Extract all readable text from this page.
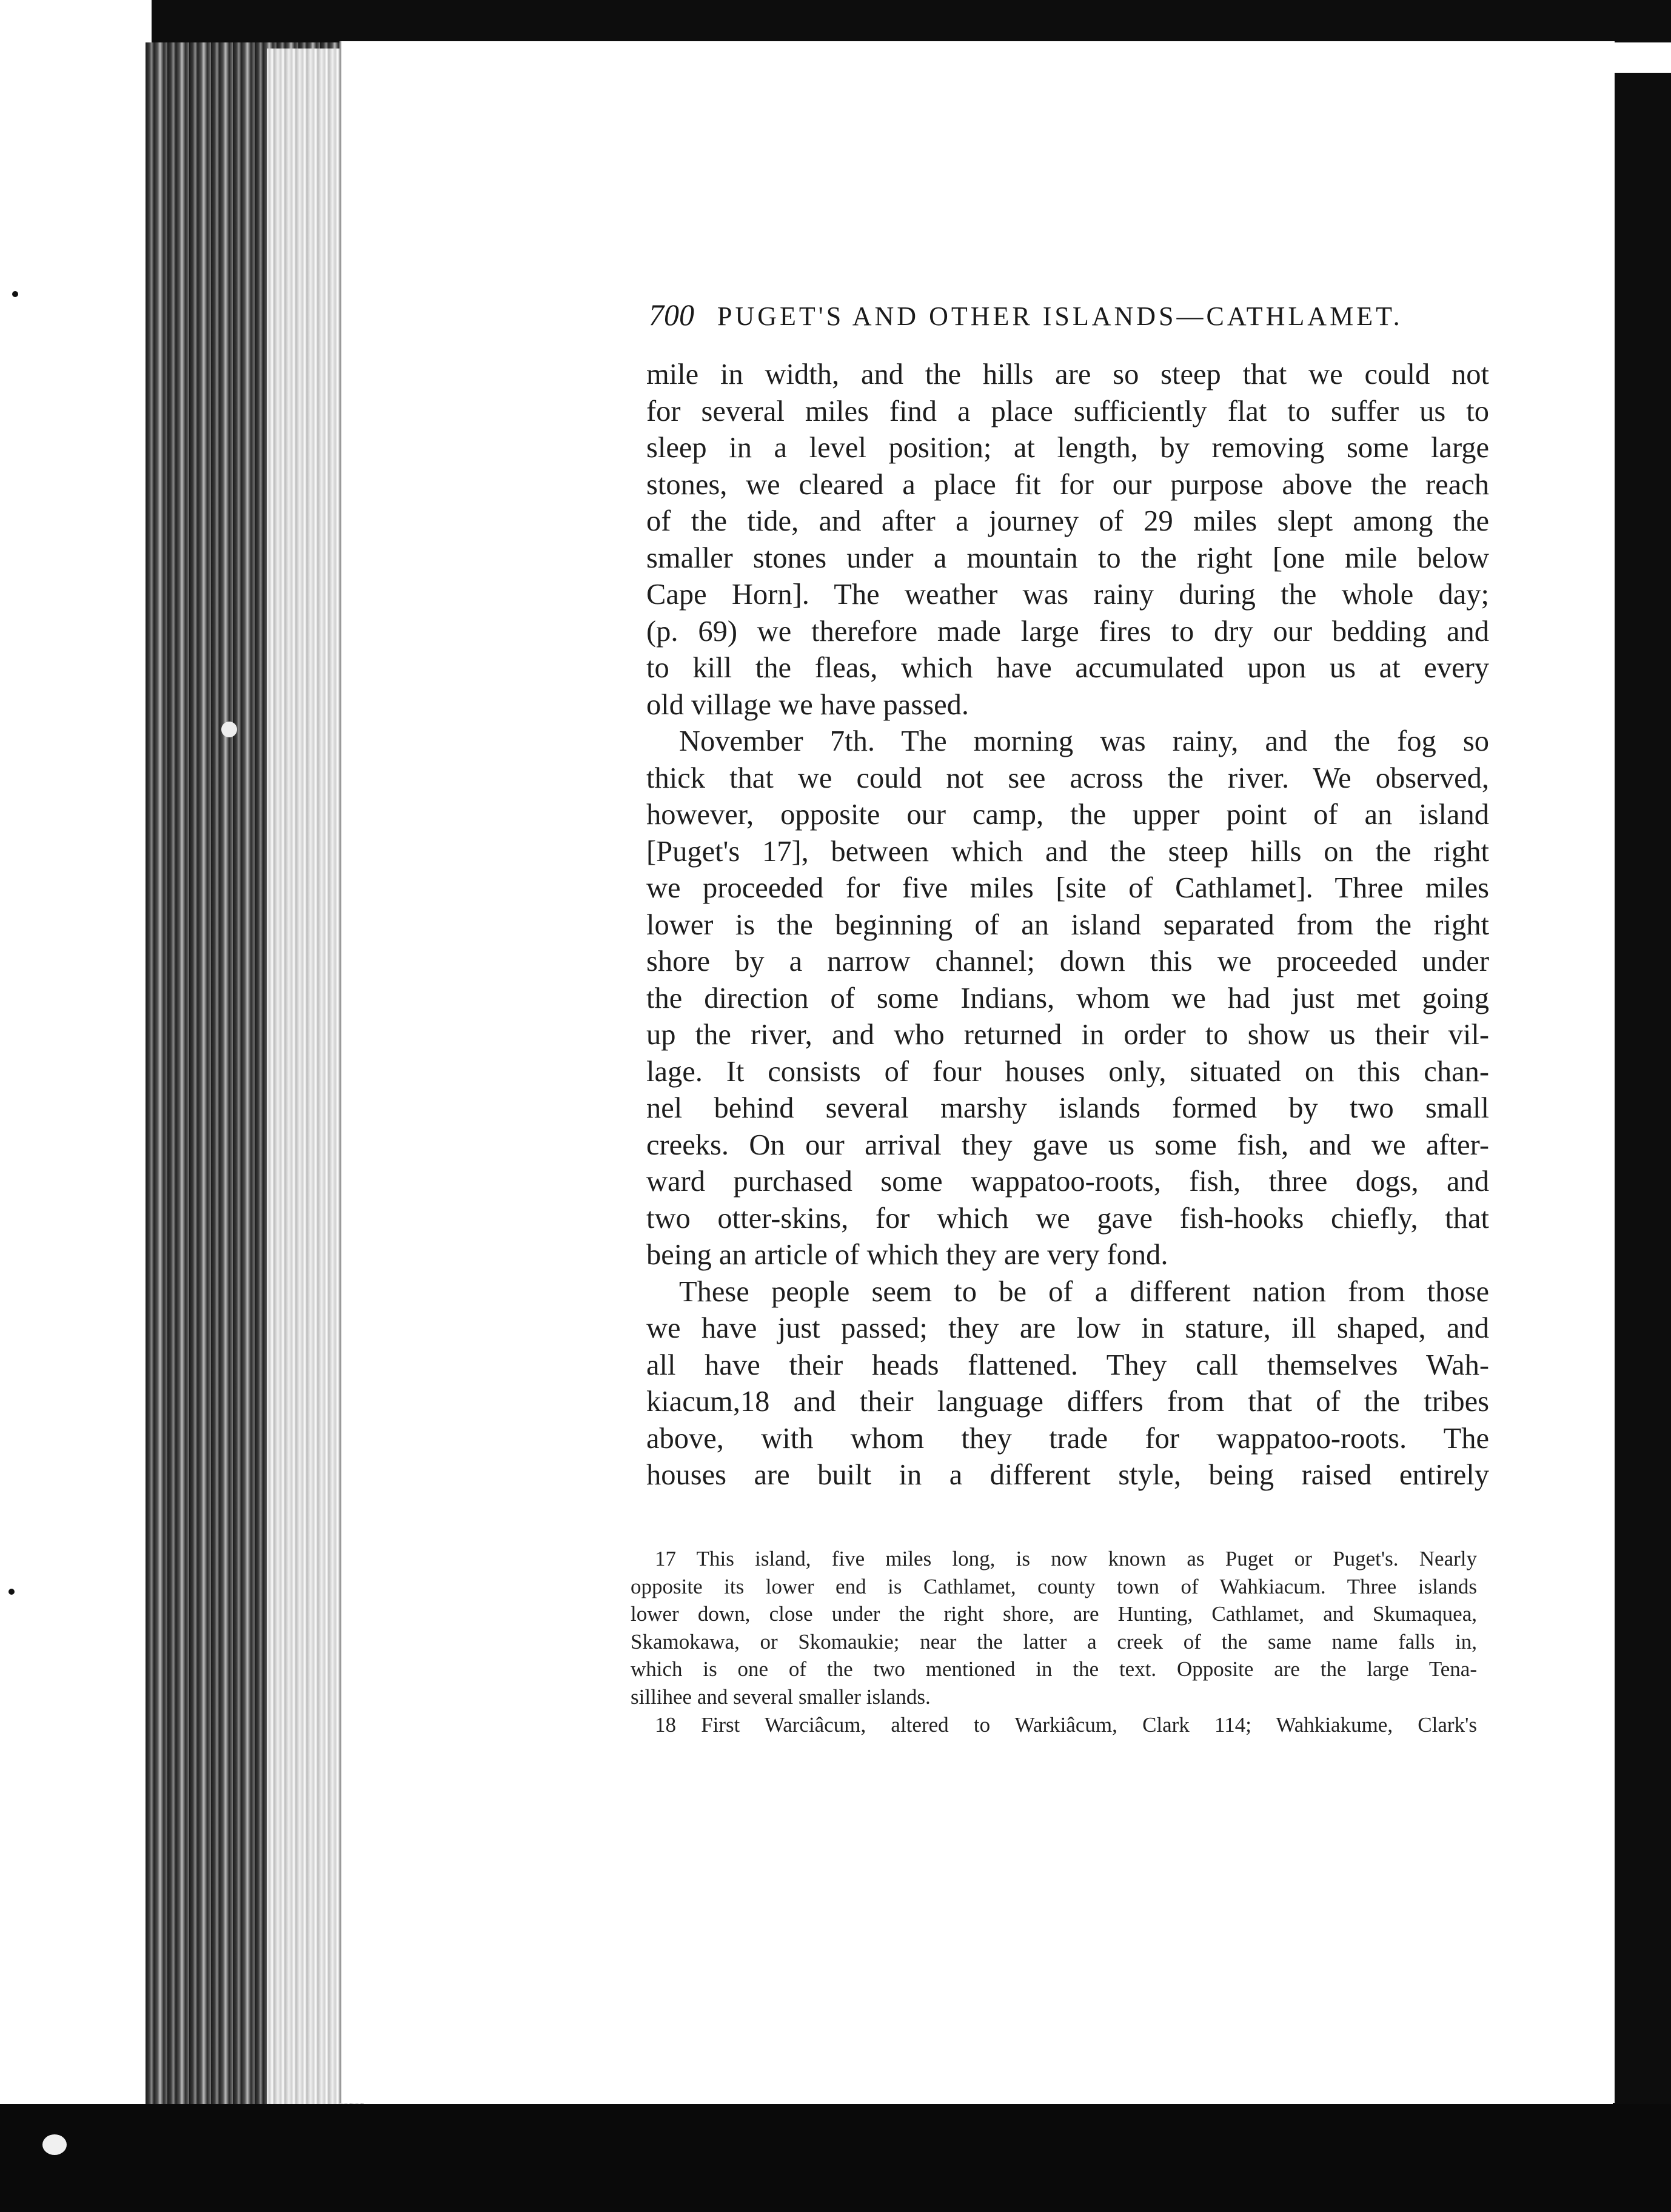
700 PUGET'S AND OTHER ISLANDS—CATHLAMET.
mile in width, and the hills are so steep that we could not
for several miles find a place sufficiently flat to suffer us to
sleep in a level position; at length, by removing some large
stones, we cleared a place fit for our purpose above the reach
of the tide, and after a journey of 29 miles slept among the
smaller stones under a mountain to the right [one mile below
Cape Horn]. The weather was rainy during the whole day;
(p. 69) we therefore made large fires to dry our bedding and
to kill the fleas, which have accumulated upon us at every
old village we have passed.
November 7th. The morning was rainy, and the fog so
thick that we could not see across the river. We observed,
however, opposite our camp, the upper point of an island
[Puget's 17], between which and the steep hills on the right
we proceeded for five miles [site of Cathlamet]. Three miles
lower is the beginning of an island separated from the right
shore by a narrow channel; down this we proceeded under
the direction of some Indians, whom we had just met going
up the river, and who returned in order to show us their vil-
lage. It consists of four houses only, situated on this chan-
nel behind several marshy islands formed by two small
creeks. On our arrival they gave us some fish, and we after-
ward purchased some wappatoo-roots, fish, three dogs, and
two otter-skins, for which we gave fish-hooks chiefly, that
being an article of which they are very fond.
These people seem to be of a different nation from those
we have just passed; they are low in stature, ill shaped, and
all have their heads flattened. They call themselves Wah-
kiacum,18 and their language differs from that of the tribes
above, with whom they trade for wappatoo-roots. The
houses are built in a different style, being raised entirely
17 This island, five miles long, is now known as Puget or Puget's. Nearly
opposite its lower end is Cathlamet, county town of Wahkiacum. Three islands
lower down, close under the right shore, are Hunting, Cathlamet, and Skumaquea,
Skamokawa, or Skomaukie; near the latter a creek of the same name falls in,
which is one of the two mentioned in the text. Opposite are the large Tena-
sillihee and several smaller islands.
18 First Warciâcum, altered to Warkiâcum, Clark 114; Wahkiakume, Clark's
